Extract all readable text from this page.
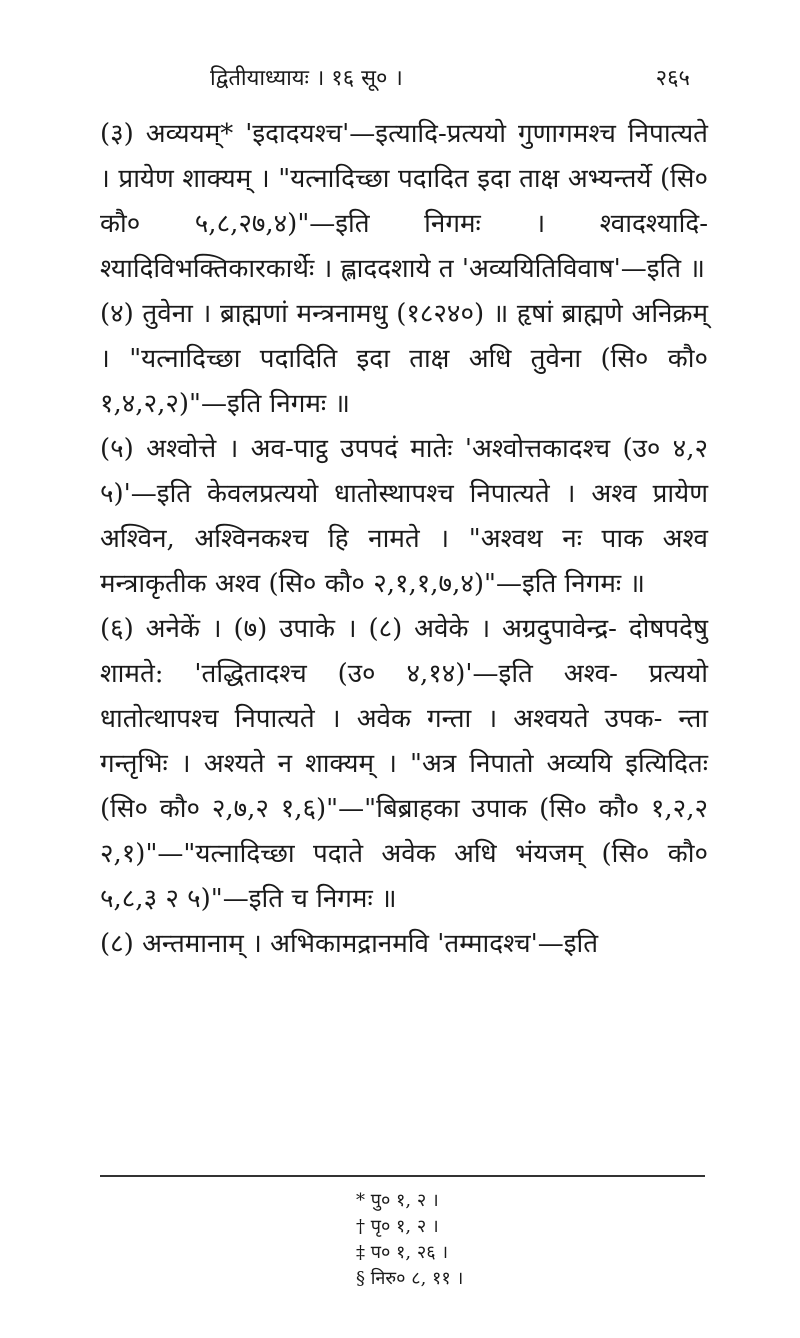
द्वितीयाध्यायः । १६ सू० ।	२६५

(३) अव्ययम्* 'इदादयश्च'—इत्यादि-प्रत्ययो गुणागमश्च निपात्यते । प्रायेण शाक्यम् । "यत्नादिच्छा पदादित इदा ताक्ष अभ्यन्तर्ये (सि० कौ० ५,८,२७,४)"—इति निगमः । श्वादश्यादि- श्यादिविभक्तिकारकार्थेः । ह्लाददशाये त 'अव्ययितिविवाष'—इति ॥

(४) तुवेना । ब्राह्मणां मन्त्रनामधु (१८२४०) ॥ हृषां ब्राह्मणे अनिक्रम् । "यत्नादिच्छा पदादिति इदा ताक्ष अधि तुवेना (सि० कौ० १,४,२,२)"—इति निगमः ॥

(५) अश्वोत्ते । अव-पाट्ठ उपपदं मातेः 'अश्वोत्तकादश्च (उ० ४,२ ५)'—इति केवलप्रत्ययो धातोस्थापश्च निपात्यते । अश्व प्रायेण अश्विन, अश्विनकश्च हि नामते । "अश्वथ नः पाक अश्व मन्त्राकृतीक अश्व (सि० कौ० २,१,१,७,४)"—इति निगमः ॥

(६) अनेकें । (७) उपाके । (८) अवेके । अग्रदुपावेन्द्र- दोषपदेषु शामते: 'तद्धितादश्च (उ० ४,१४)'—इति अश्व- प्रत्ययो धातोत्थापश्च निपात्यते । अवेक गन्ता । अश्वयते उपक- न्ता गन्तृभिः । अश्यते न शाक्यम् । "अत्र निपातो अव्ययि इत्यिदितः (सि० कौ० २,७,२ १,६)"—"बिब्राहका उपाक (सि० कौ० १,२,२ २,१)"—"यत्नादिच्छा पदाते अवेक अधि भंयजम् (सि० कौ० ५,८,३ २ ५)"—इति च निगमः ॥

(८) अन्तमानाम् । अभिकामद्रानमवि 'तम्मादश्च'—इति

* पु० १, २ ।
† पृ० १, २ ।
‡ प० १, २६ ।
§ निरु० ८, ११ ।
